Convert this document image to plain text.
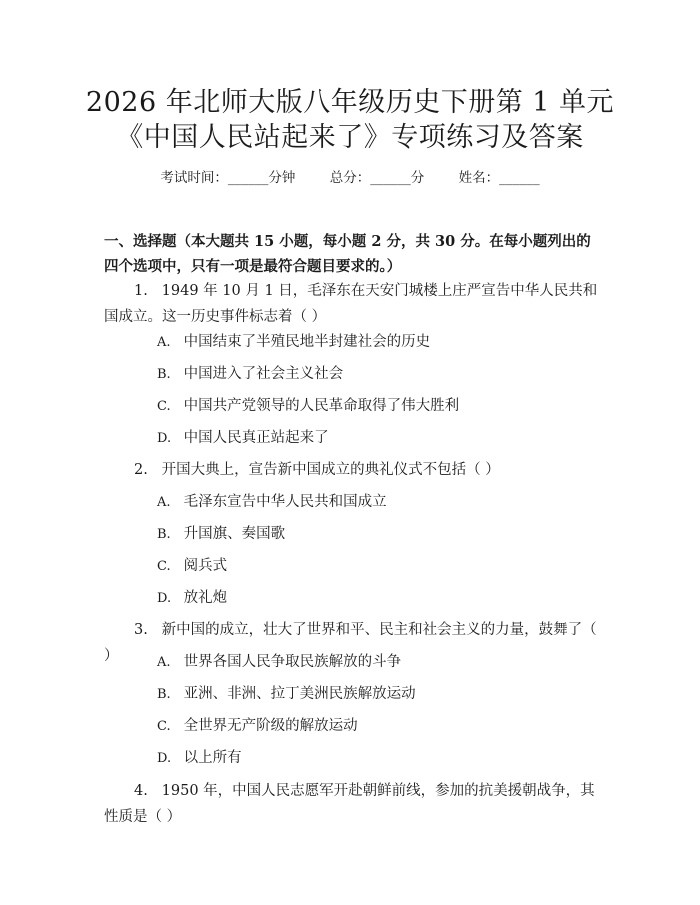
2026 年北师大版八年级历史下册第 1 单元
《中国人民站起来了》专项练习及答案
考试时间：______分钟	总分：______分	姓名：______
一、选择题（本大题共 15 小题，每小题 2 分，共 30 分。在每小题列出的四个选项中，只有一项是最符合题目要求的。）
1. 1949 年 10 月 1 日，毛泽东在天安门城楼上庄严宣告中华人民共和国成立。这一历史事件标志着（ ）
A. 中国结束了半殖民地半封建社会的历史
B. 中国进入了社会主义社会
C. 中国共产党领导的人民革命取得了伟大胜利
D. 中国人民真正站起来了
2. 开国大典上，宣告新中国成立的典礼仪式不包括（ ）
A. 毛泽东宣告中华人民共和国成立
B. 升国旗、奏国歌
C. 阅兵式
D. 放礼炮
3. 新中国的成立，壮大了世界和平、民主和社会主义的力量，鼓舞了（ ）	A. 世界各国人民争取民族解放的斗争
B. 亚洲、非洲、拉丁美洲民族解放运动
C. 全世界无产阶级的解放运动
D. 以上所有
4. 1950 年，中国人民志愿军开赴朝鲜前线，参加的抗美援朝战争，其性质是（ ）
